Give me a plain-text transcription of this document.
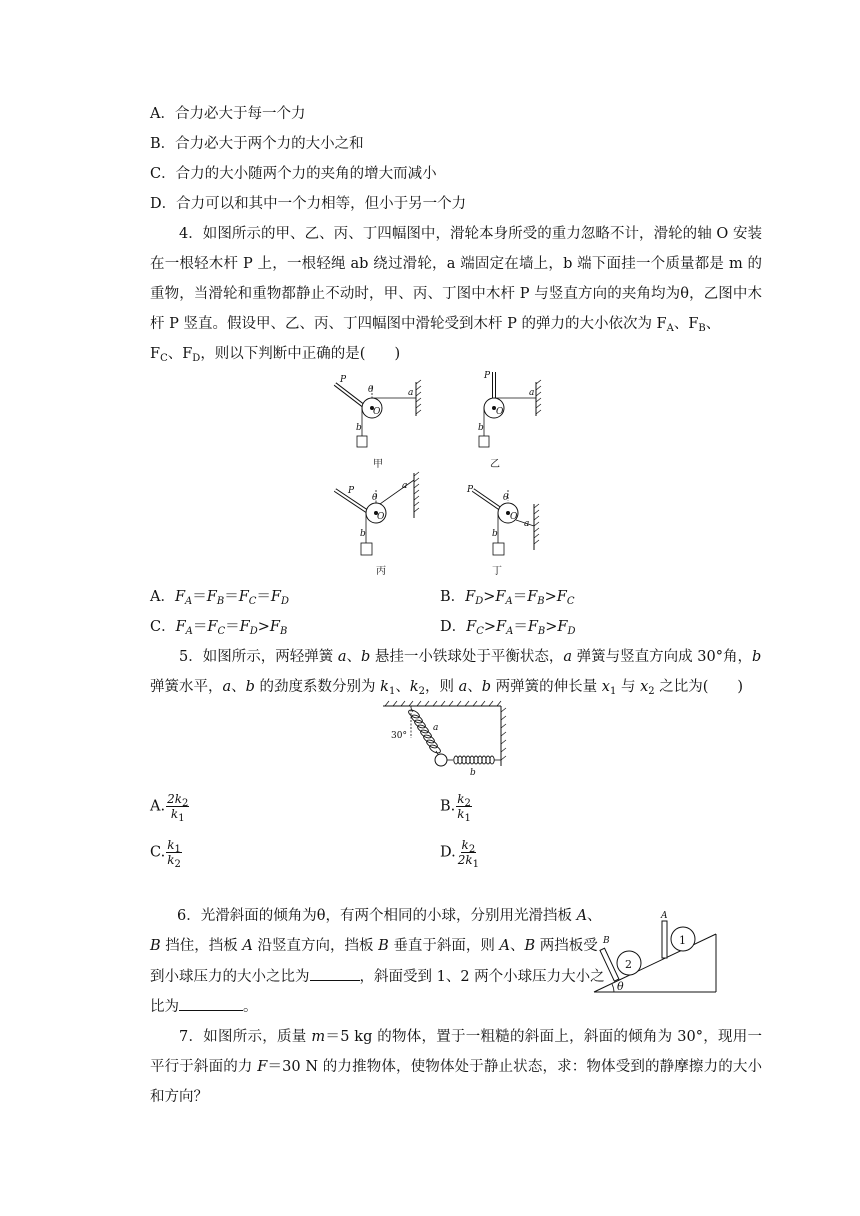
A．合力必大于每一个力
B．合力必大于两个力的大小之和
C．合力的大小随两个力的夹角的增大而减小
D．合力可以和其中一个力相等，但小于另一个力
4．如图所示的甲、乙、丙、丁四幅图中，滑轮本身所受的重力忽略不计，滑轮的轴 O 安装在一根轻木杆 P 上，一根轻绳 ab 绕过滑轮，a 端固定在墙上，b 端下面挂一个质量都是 m 的重物，当滑轮和重物都静止不动时，甲、丙、丁图中木杆 P 与竖直方向的夹角均为θ，乙图中木杆 P 竖直。假设甲、乙、丙、丁四幅图中滑轮受到木杆 P 的弹力的大小依次为 $F_A$、$F_B$、
$F_C$、$F_D$，则以下判断中正确的是(　　)
P
θ
O
a
b
甲
P
O
a
b
乙
P
θ
O
a
b
丙
P
θ
O
a
b
丁
A．$F_A=F_B=F_C=F_D$	B．$F_D>F_A=F_B>F_C$
C．$F_A=F_C=F_D>F_B$	D．$F_C>F_A=F_B>F_D$
5．如图所示，两轻弹簧 a、b 悬挂一小铁球处于平衡状态，a 弹簧与竖直方向成 30°角，b
弹簧水平，a、b 的劲度系数分别为 $k_1$、$k_2$，则 a、b 两弹簧的伸长量 $x_1$ 与 $x_2$ 之比为(　　)
30°
a
b
A. $\frac{2k_2}{k_1}$	B. $\frac{k_2}{k_1}$
C. $\frac{k_1}{k_2}$	D. $\frac{k_2}{2k_1}$
6．光滑斜面的倾角为θ，有两个相同的小球，分别用光滑挡板 A、
B 挡住，挡板 A 沿竖直方向，挡板 B 垂直于斜面，则 A、B 两挡板受
到小球压力的大小之比为	，斜面受到 1、2 两个小球压力大小之
比为	。
A
B
2
1
θ
7．如图所示，质量 m＝5 kg 的物体，置于一粗糙的斜面上，斜面的倾角为 30°，现用一平行于斜面的力 F＝30 N 的力推物体，使物体处于静止状态，求：物体受到的静摩擦力的大小和方向？
